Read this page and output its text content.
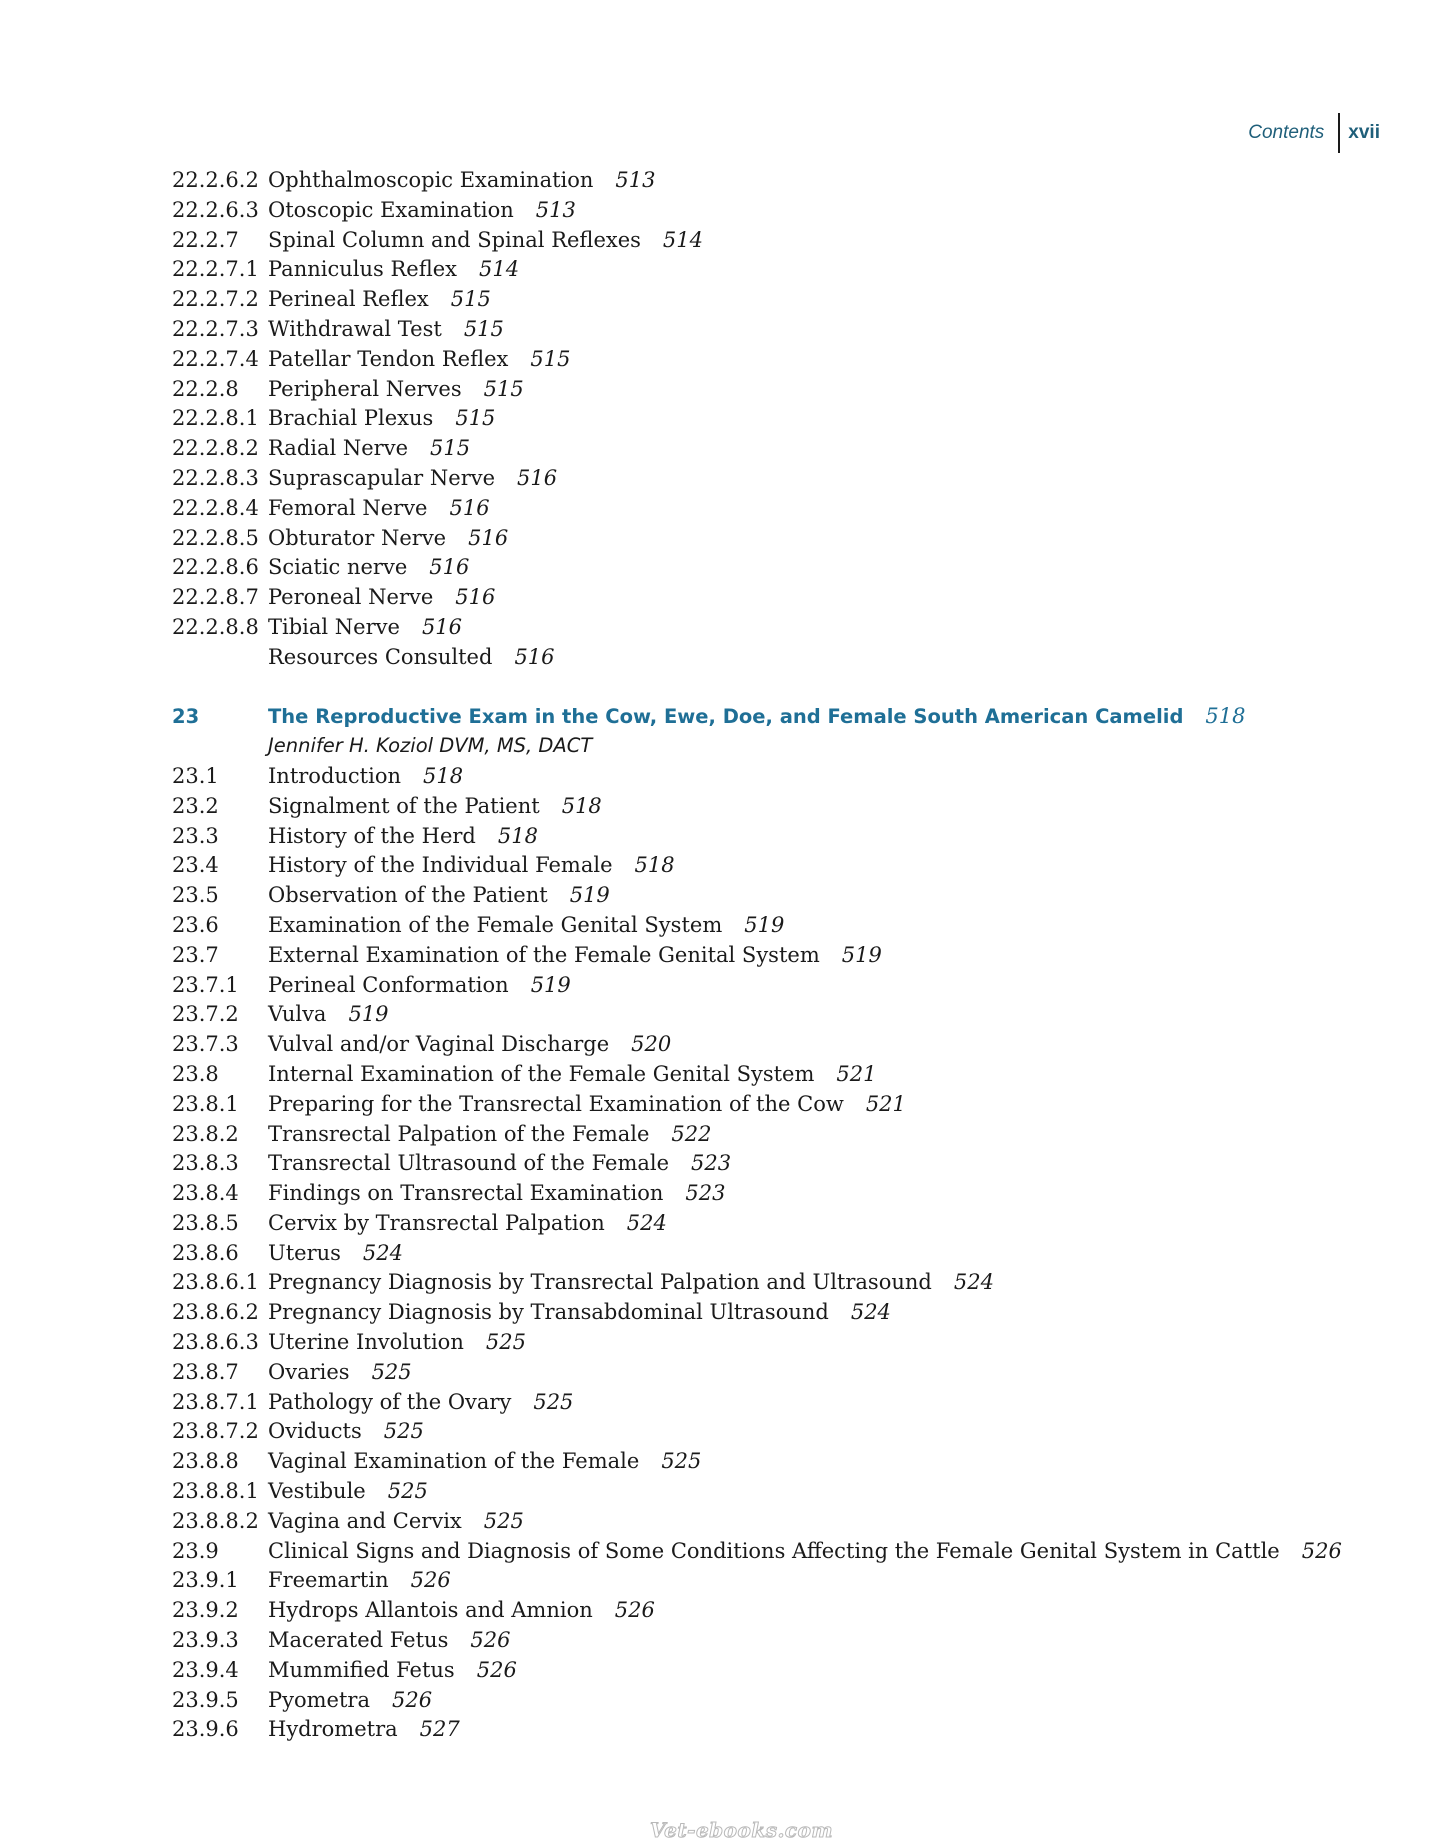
Contents	xvii
22.2.6.2 Ophthalmoscopic Examination 513
22.2.6.3 Otoscopic Examination 513
22.2.7	Spinal Column and Spinal Reflexes 514
22.2.7.1 Panniculus Reflex 514
22.2.7.2 Perineal Reflex 515
22.2.7.3 Withdrawal Test 515
22.2.7.4 Patellar Tendon Reflex 515
22.2.8	Peripheral Nerves 515
22.2.8.1 Brachial Plexus 515
22.2.8.2 Radial Nerve 515
22.2.8.3 Suprascapular Nerve 516
22.2.8.4 Femoral Nerve 516
22.2.8.5 Obturator Nerve 516
22.2.8.6 Sciatic nerve 516
22.2.8.7 Peroneal Nerve 516
22.2.8.8 Tibial Nerve 516
Resources Consulted 516
23	The Reproductive Exam in the Cow, Ewe, Doe, and Female South American Camelid 518
Jennifer H. Koziol DVM, MS, DACT
23.1	Introduction 518
23.2	Signalment of the Patient 518
23.3	History of the Herd 518
23.4	History of the Individual Female 518
23.5	Observation of the Patient 519
23.6	Examination of the Female Genital System 519
23.7	External Examination of the Female Genital System 519
23.7.1	Perineal Conformation 519
23.7.2	Vulva 519
23.7.3	Vulval and/or Vaginal Discharge 520
23.8	Internal Examination of the Female Genital System 521
23.8.1	Preparing for the Transrectal Examination of the Cow 521
23.8.2	Transrectal Palpation of the Female 522
23.8.3	Transrectal Ultrasound of the Female 523
23.8.4	Findings on Transrectal Examination 523
23.8.5	Cervix by Transrectal Palpation 524
23.8.6	Uterus 524
23.8.6.1 Pregnancy Diagnosis by Transrectal Palpation and Ultrasound 524
23.8.6.2 Pregnancy Diagnosis by Transabdominal Ultrasound 524
23.8.6.3 Uterine Involution 525
23.8.7	Ovaries 525
23.8.7.1 Pathology of the Ovary 525
23.8.7.2 Oviducts 525
23.8.8	Vaginal Examination of the Female 525
23.8.8.1 Vestibule 525
23.8.8.2 Vagina and Cervix 525
23.9	Clinical Signs and Diagnosis of Some Conditions Affecting the Female Genital System in Cattle 526
23.9.1	Freemartin 526
23.9.2	Hydrops Allantois and Amnion 526
23.9.3	Macerated Fetus 526
23.9.4	Mummified Fetus 526
23.9.5	Pyometra 526
23.9.6	Hydrometra 527
Vet-ebooks.com
